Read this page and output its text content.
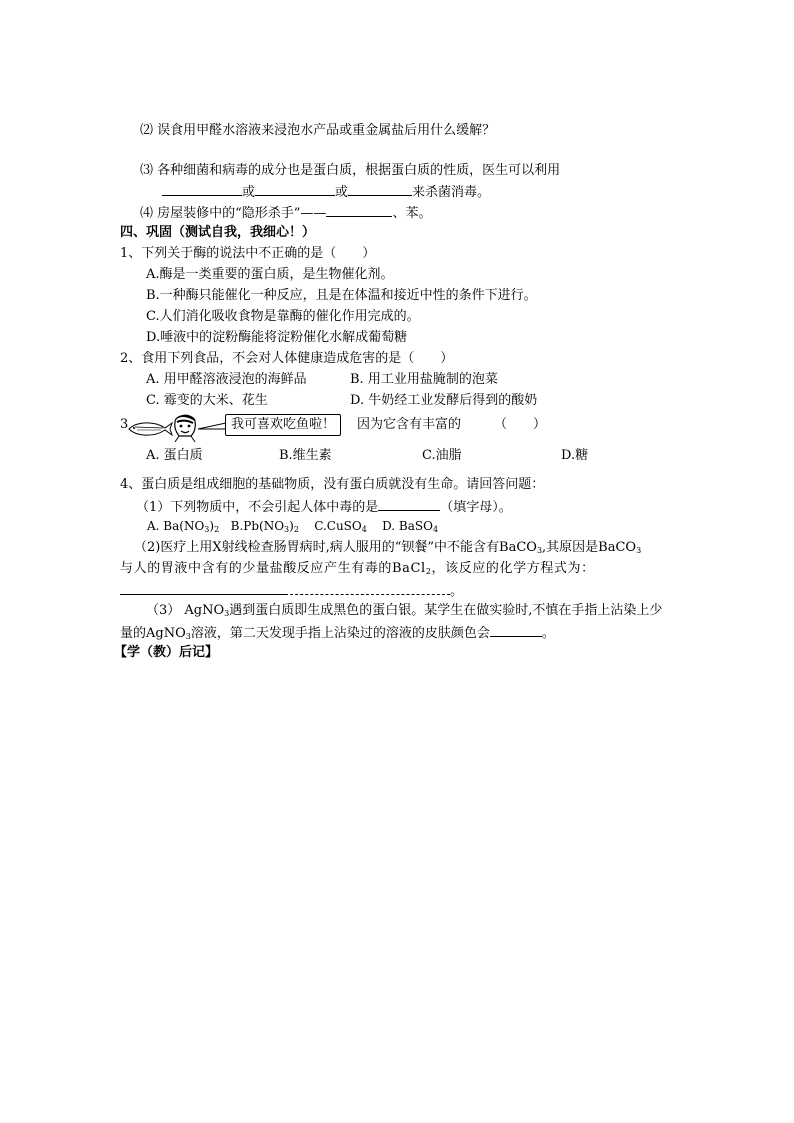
⑵ 误食用甲醛水溶液来浸泡水产品或重金属盐后用什么缓解？
⑶ 各种细菌和病毒的成分也是蛋白质，根据蛋白质的性质，医生可以利用
或	或	来杀菌消毒。
⑷ 房屋装修中的“隐形杀手”——	、苯。
四、巩固（测试自我，我细心！）
1、下列关于酶的说法中不正确的是（　　）
A.酶是一类重要的蛋白质，是生物催化剂。
B.一种酶只能催化一种反应，且是在体温和接近中性的条件下进行。
C.人们消化吸收食物是靠酶的催化作用完成的。
D.唾液中的淀粉酶能将淀粉催化水解成葡萄糖
2、食用下列食品，不会对人体健康造成危害的是（　　）
A. 用甲醛溶液浸泡的海鲜品	B. 用工业用盐腌制的泡菜
C. 霉变的大米、花生	D. 牛奶经工业发酵后得到的酸奶
3	我可喜欢吃鱼啦！	因为它含有丰富的	（　　）
A. 蛋白质	B.维生素	C.油脂	D.糖
4、蛋白质是组成细胞的基础物质，没有蛋白质就没有生命。请回答问题：
（1）下列物质中，不会引起人体中毒的是	（填字母）。
A. $Ba(NO_3)_2$ $B.Pb(NO_3)_2$ C.CuSO$_4$ D. BaSO$_4$
（2)医疗上用X射线检查肠胃病时,病人服用的“钡餐”中不能含有BaCO$_3$,其原因是BaCO$_3$
与人的胃液中含有的少量盐酸反应产生有毒的BaCl$_2$，该反应的化学方程式为：
。
（3） AgNO$_3$遇到蛋白质即生成黑色的蛋白银。某学生在做实验时,不慎在手指上沾染上少
量的AgNO$_3$溶液，第二天发现手指上沾染过的溶液的皮肤颜色会	。
【学（教）后记】
